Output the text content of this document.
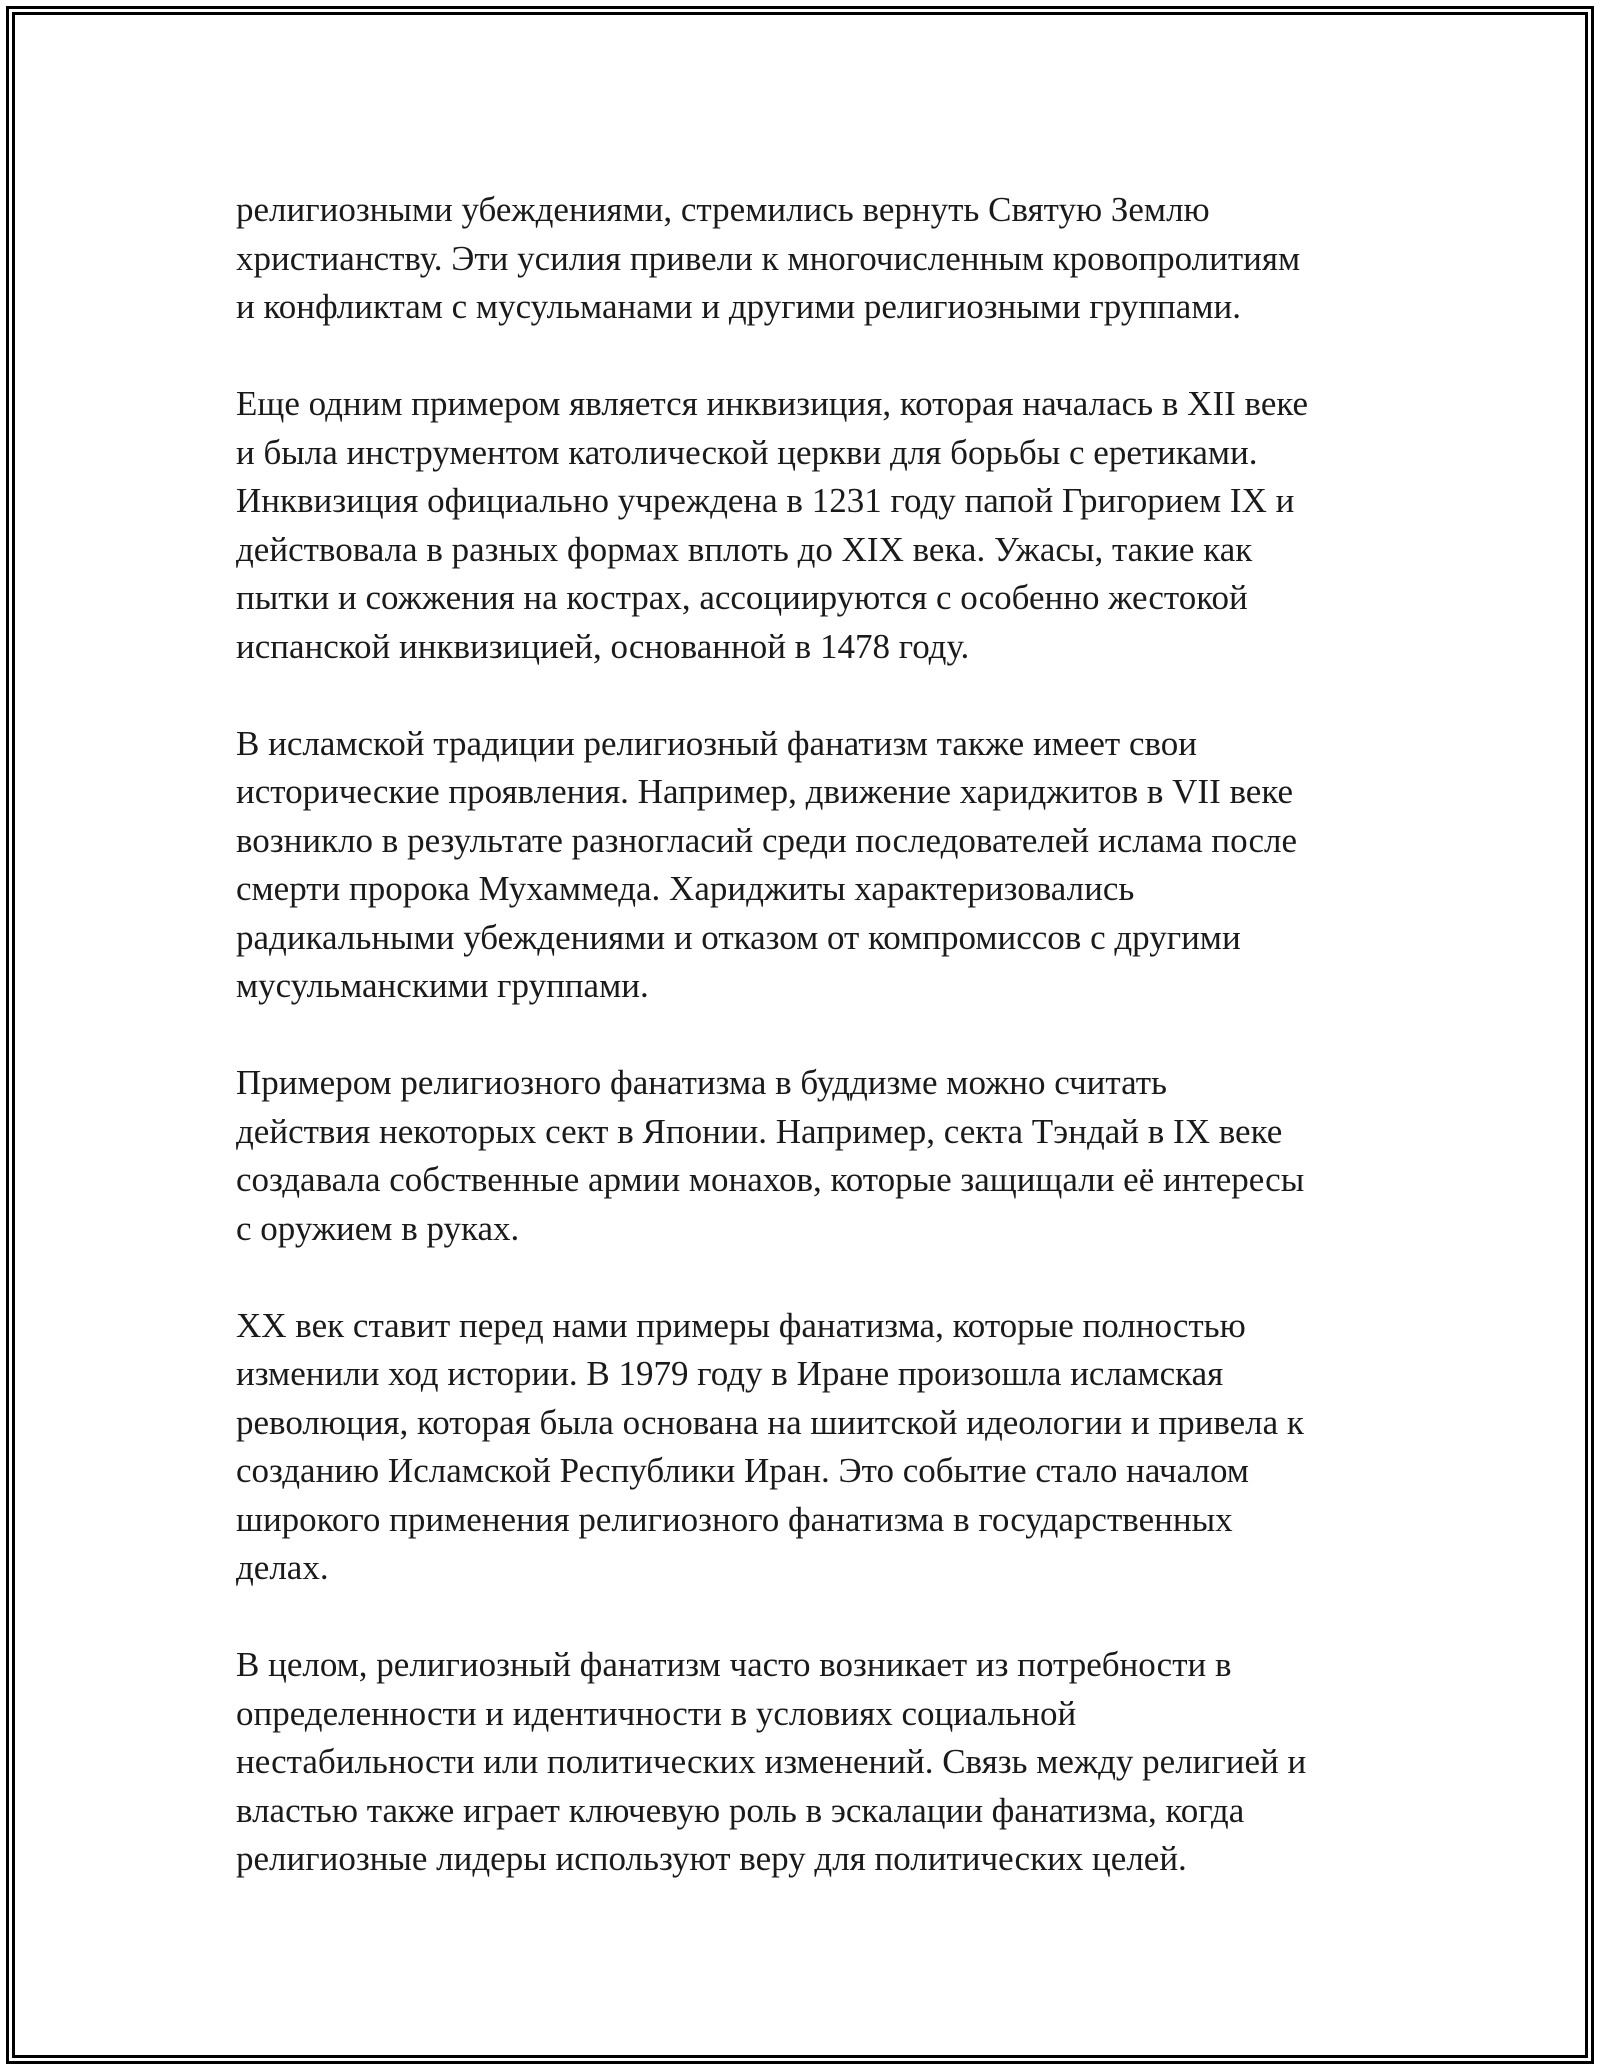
религиозными убеждениями, стремились вернуть Святую Землю
христианству. Эти усилия привели к многочисленным кровопролитиям
и конфликтам с мусульманами и другими религиозными группами.

Еще одним примером является инквизиция, которая началась в XII веке
и была инструментом католической церкви для борьбы с еретиками.
Инквизиция официально учреждена в 1231 году папой Григорием IX и
действовала в разных формах вплоть до XIX века. Ужасы, такие как
пытки и сожжения на кострах, ассоциируются с особенно жестокой
испанской инквизицией, основанной в 1478 году.

В исламской традиции религиозный фанатизм также имеет свои
исторические проявления. Например, движение хариджитов в VII веке
возникло в результате разногласий среди последователей ислама после
смерти пророка Мухаммеда. Хариджиты характеризовались
радикальными убеждениями и отказом от компромиссов с другими
мусульманскими группами.

Примером религиозного фанатизма в буддизме можно считать
действия некоторых сект в Японии. Например, секта Тэндай в IX веке
создавала собственные армии монахов, которые защищали её интересы
с оружием в руках.

XX век ставит перед нами примеры фанатизма, которые полностью
изменили ход истории. В 1979 году в Иране произошла исламская
революция, которая была основана на шиитской идеологии и привела к
созданию Исламской Республики Иран. Это событие стало началом
широкого применения религиозного фанатизма в государственных
делах.

В целом, религиозный фанатизм часто возникает из потребности в
определенности и идентичности в условиях социальной
нестабильности или политических изменений. Связь между религией и
властью также играет ключевую роль в эскалации фанатизма, когда
религиозные лидеры используют веру для политических целей.
